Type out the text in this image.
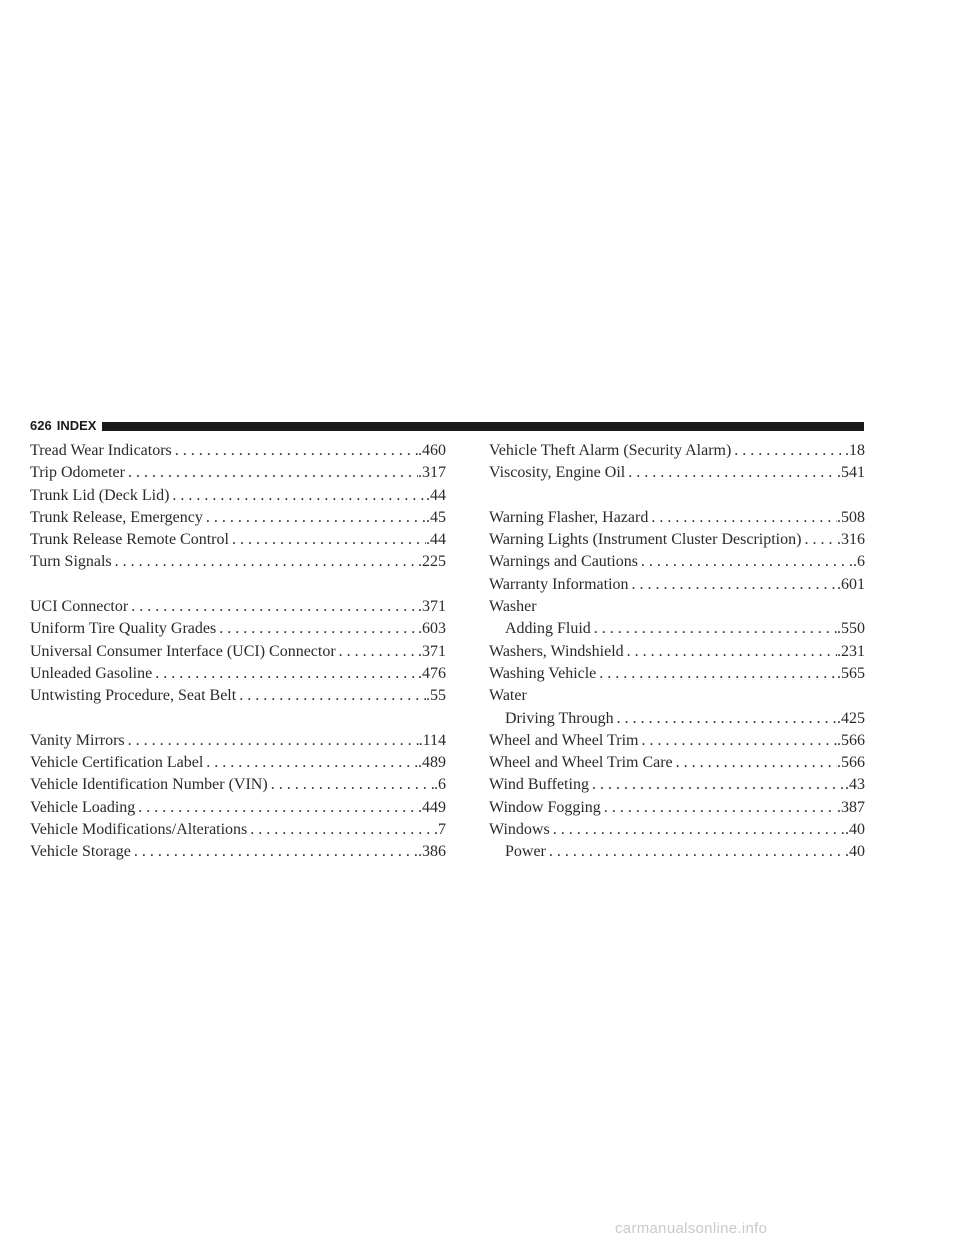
626 INDEX
Tread Wear Indicators . . .	.460
Trip Odometer . . .	.317
Trunk Lid (Deck Lid) . . .	.44
Trunk Release, Emergency . . .	.45
Trunk Release Remote Control . . .	.44
Turn Signals . . .	.225
UCI Connector . . .	.371
Uniform Tire Quality Grades . . .	.603
Universal Consumer Interface (UCI) Connector . . .	.371
Unleaded Gasoline . . .	.476
Untwisting Procedure, Seat Belt . . .	.55
Vanity Mirrors . . .	.114
Vehicle Certification Label . . .	.489
Vehicle Identification Number (VIN) . . .	.6
Vehicle Loading . . .	.449
Vehicle Modifications/Alterations . . .	.7
Vehicle Storage . . .	.386
Vehicle Theft Alarm (Security Alarm) . . .	.18
Viscosity, Engine Oil . . .	.541
Warning Flasher, Hazard . . .	.508
Warning Lights (Instrument Cluster Description) . . . .316
Warnings and Cautions . . .	.6
Warranty Information . . .	.601
Washer
Adding Fluid . . .	.550
Washers, Windshield . . .	.231
Washing Vehicle . . .	.565
Water
Driving Through . . .	.425
Wheel and Wheel Trim . . .	.566
Wheel and Wheel Trim Care . . .	.566
Wind Buffeting . . .	.43
Window Fogging . . .	.387
Windows . . .	.40
Power . . .	.40
carmanualsonline.info
